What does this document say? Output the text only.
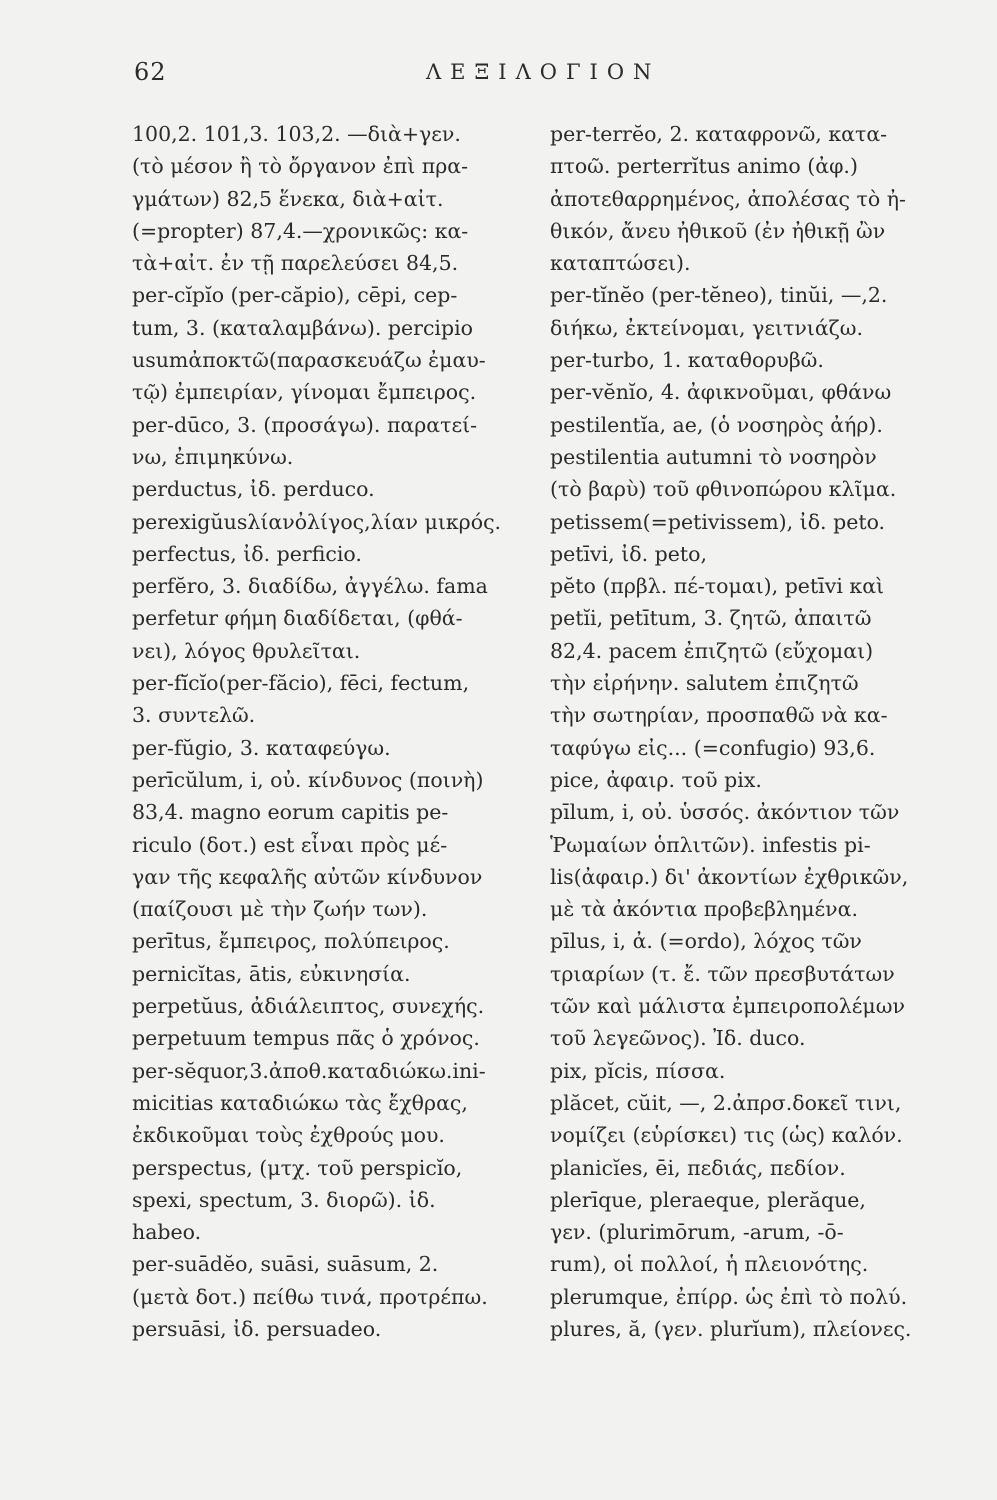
62	ΛΕΞΙΛΟΓΙΟΝ
100,2. 101,3. 103,2. —διὰ+γεν.
(τὸ μέσον ἢ τὸ ὄργανον ἐπὶ πρα-
γμάτων) 82,5 ἕνεκα, διὰ+αἰτ.
(=propter) 87,4.—χρονικῶς: κα-
τὰ+αἰτ. ἐν τῇ παρελεύσει 84,5.
per-cĭpĭo (per-căpio), cēpi, cep-
tum, 3. (καταλαμβάνω). percipio
usumἀποκτῶ(παρασκευάζω ἐμαυ-
τῷ) ἐμπειρίαν, γίνομαι ἔμπειρος.
per-dūco, 3. (προσάγω). παρατεί-
νω, ἐπιμηκύνω.
perductus, ἰδ. perduco.
perexigŭusλίανὀλίγος,λίαν μικρός.
perfectus, ἰδ. perficio.
perfĕro, 3. διαδίδω, ἀγγέλω. fama
perfetur φήμη διαδίδεται, (φθά-
νει), λόγος θρυλεῖται.
per-fĭcĭo(per-făcio), fēci, fectum,
3. συντελῶ.
per-fŭgio, 3. καταφεύγω.
perīcŭlum, i, οὐ. κίνδυνος (ποινὴ)
83,4. magno eorum capitis pe-
riculo (δοτ.) est εἶναι πρὸς μέ-
γαν τῆς κεφαλῆς αὐτῶν κίνδυνον
(παίζουσι μὲ τὴν ζωήν των).
perītus, ἔμπειρος, πολύπειρος.
pernicĭtas, ātis, εὐκινησία.
perpetŭus, ἀδιάλειπτος, συνεχής.
perpetuum tempus πᾶς ὁ χρόνος.
per-sĕquor,3.ἀποθ.καταδιώκω.ini-
micitias καταδιώκω τὰς ἔχθρας,
ἐκδικοῦμαι τοὺς ἐχθρούς μου.
perspectus, (μτχ. τοῦ perspicĭo,
spexi, spectum, 3. διορῶ). ἰδ.
habeo.
per-suādĕo, suāsi, suāsum, 2.
(μετὰ δοτ.) πείθω τινά, προτρέπω.
persuāsi, ἰδ. persuadeo.
per-terrĕo, 2. καταφρονῶ, κατα-
πτοῶ. perterrĭtus animo (ἀφ.)
ἀποτεθαρρημένος, ἀπολέσας τὸ ἠ-
θικόν, ἄνευ ἠθικοῦ (ἐν ἠθικῇ ὢν
καταπτώσει).
per-tĭnĕo (per-tĕneo), tinŭi, —,2.
διήκω, ἐκτείνομαι, γειτνιάζω.
per-turbo, 1. καταθορυβῶ.
per-vĕnĭo, 4. ἀφικνοῦμαι, φθάνω
pestilentĭa, ae, (ὁ νοσηρὸς ἀήρ).
pestilentia autumni τὸ νοσηρὸν
(τὸ βαρὺ) τοῦ φθινοπώρου κλῖμα.
petissem(=petivissem), ἰδ. peto.
petīvi, ἰδ. peto,
pĕto (πρβλ. πέ-τομαι), petīvi καὶ
petĭi, petītum, 3. ζητῶ, ἀπαιτῶ
82,4. pacem ἐπιζητῶ (εὔχομαι)
τὴν εἰρήνην. salutem ἐπιζητῶ
τὴν σωτηρίαν, προσπαθῶ νὰ κα-
ταφύγω εἰς... (=confugio) 93,6.
pice, ἀφαιρ. τοῦ pix.
pīlum, i, οὐ. ὑσσός. ἀκόντιον τῶν
Ῥωμαίων ὁπλιτῶν). infestis pi-
lis(ἀφαιρ.) δι' ἀκοντίων ἐχθρικῶν,
μὲ τὰ ἀκόντια προβεβλημένα.
pīlus, i, ἀ. (=ordo), λόχος τῶν
τριαρίων (τ. ἔ. τῶν πρεσβυτάτων
τῶν καὶ μάλιστα ἐμπειροπολέμων
τοῦ λεγεῶνος). Ἰδ. duco.
pix, pĭcis, πίσσα.
plăcet, cŭit, —, 2.ἀπρσ.δοκεῖ τινι,
νομίζει (εὑρίσκει) τις (ὡς) καλόν.
planicĭes, ēi, πεδιάς, πεδίον.
plerīque, pleraeque, plerăque,
γεν. (plurimōrum, -arum, -ō-
rum), οἱ πολλοί, ἡ πλειονότης.
plerumque, ἐπίρρ. ὡς ἐπὶ τὸ πολύ.
plures, ă, (γεν. plurĭum), πλείονες.
